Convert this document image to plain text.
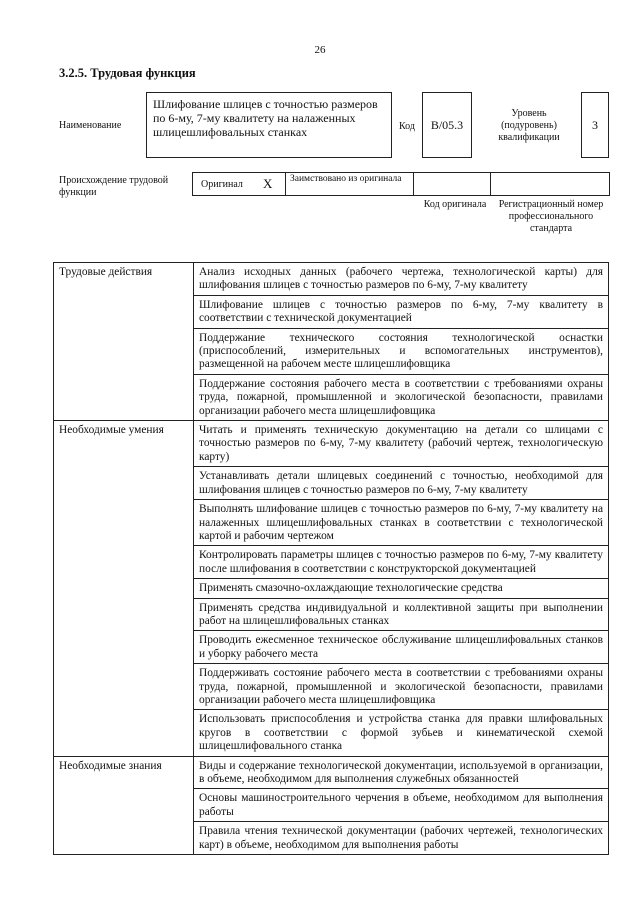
26
3.2.5. Трудовая функция
Наименование
Шлифование шлицев с точностью размеров по 6-му, 7-му квалитету на налаженных шлицешлифовальных станках	Код	B/05.3
Уровень (подуровень) квалификации
3
Происхождение трудовой функции
Оригинал X Заимствовано из оригинала
Код оригинала	Регистрационный номер профессионального стандарта
Трудовые действия	Анализ исходных данных (рабочего чертежа, технологической карты) для шлифования шлицев с точностью размеров по 6-му, 7-му квалитету
	Шлифование шлицев с точностью размеров по 6-му, 7-му квалитету в соответствии с технической документацией
	Поддержание технического состояния технологической оснастки (приспособлений, измерительных и вспомогательных инструментов), размещенной на рабочем месте шлицешлифовщика
	Поддержание состояния рабочего места в соответствии с требованиями охраны труда, пожарной, промышленной и экологической безопасности, правилами организации рабочего места шлицешлифовщика
Необходимые умения	Читать и применять техническую документацию на детали со шлицами с точностью размеров по 6-му, 7-му квалитету (рабочий чертеж, технологическую карту)
	Устанавливать детали шлицевых соединений с точностью, необходимой для шлифования шлицев с точностью размеров по 6-му, 7-му квалитету
	Выполнять шлифование шлицев с точностью размеров по 6-му, 7-му квалитету на налаженных шлицешлифовальных станках в соответствии с технологической картой и рабочим чертежом
	Контролировать параметры шлицев с точностью размеров по 6-му, 7-му квалитету после шлифования в соответствии с конструкторской документацией
	Применять смазочно-охлаждающие технологические средства
	Применять средства индивидуальной и коллективной защиты при выполнении работ на шлицешлифовальных станках
	Проводить ежесменное техническое обслуживание шлицешлифовальных станков и уборку рабочего места
	Поддерживать состояние рабочего места в соответствии с требованиями охраны труда, пожарной, промышленной и экологической безопасности, правилами организации рабочего места шлицешлифовщика
	Использовать приспособления и устройства станка для правки шлифовальных кругов в соответствии с формой зубьев и кинематической схемой шлицешлифовального станка
Необходимые знания	Виды и содержание технологической документации, используемой в организации, в объеме, необходимом для выполнения служебных обязанностей
	Основы машиностроительного черчения в объеме, необходимом для выполнения работы
	Правила чтения технической документации (рабочих чертежей, технологических карт) в объеме, необходимом для выполнения работы
